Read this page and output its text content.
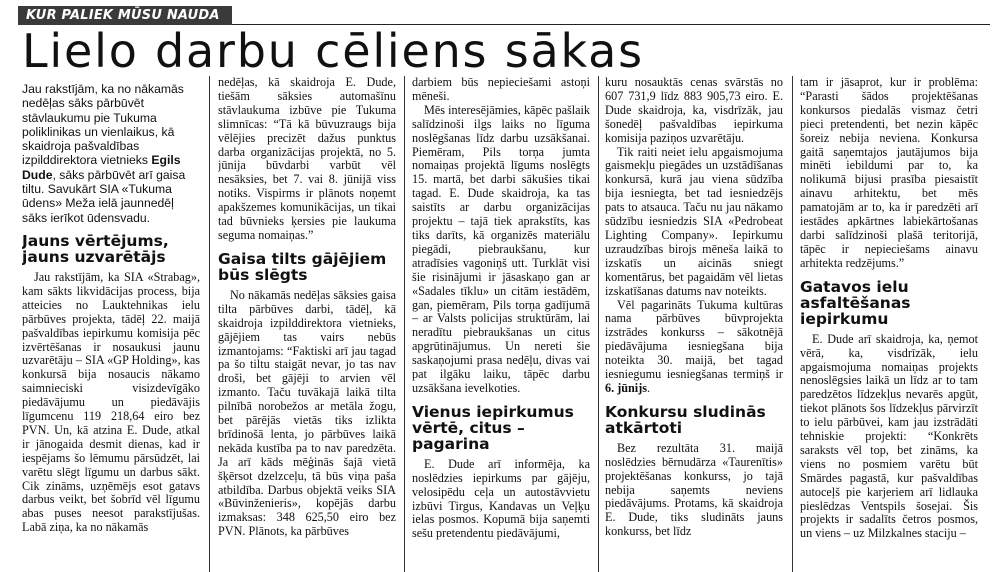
KUR PALIEK MŪSU NAUDA
Lielo darbu cēliens sākas

Jau rakstījām, ka no nākamās nedēļas sāks pārbūvēt stāvlaukumu pie Tukuma poliklinikas un vienlaikus, kā skaidroja pašvaldības izpilddirektora vietnieks Egils Dude, sāks pārbūvēt arī gaisa tiltu. Savukārt SIA «Tukuma ūdens» Meža ielā jaunnedēļ sāks ierīkot ūdensvadu.

Jauns vērtējums, jauns uzvarētājs

Jau rakstījām, ka SIA «Strabag», kam sākts likvidācijas process, bija atteicies no Lauktehnikas ielu pārbūves projekta, tādēļ 22. maijā pašvaldības iepirkumu komisija pēc izvērtēšanas ir nosaukusi jaunu uzvarētāju – SIA «GP Holding», kas konkursā bija nosaucis nākamo saimnieciski visizdevīgāko piedāvājumu un piedāvājis līgumcenu 119 218,64 eiro bez PVN. Un, kā atzina E. Dude, atkal ir jānogaida desmit dienas, kad ir iespējams šo lēmumu pārsūdzēt, lai varētu slēgt līgumu un darbus sākt. Cik zināms, uzņēmējs esot gatavs darbus veikt, bet šobrīd vēl līgumu abas puses neesot parakstījušas. Labā ziņa, ka no nākamās

nedēļas, kā skaidroja E. Dude, tiešām sāksies automašīnu stāvlaukuma izbūve pie Tukuma slimnīcas: “Tā kā būvuzraugs bija vēlējies precizēt dažus punktus darba organizācijas projektā, no 5. jūnija būvdarbi varbūt vēl nesāksies, bet 7. vai 8. jūnijā viss notiks. Vispirms ir plānots noņemt apakšzemes komunikācijas, un tikai tad būvnieks ķersies pie laukuma seguma nomaiņas.”

Gaisa tilts gājējiem būs slēgts

No nākamās nedēļas sāksies gaisa tilta pārbūves darbi, tādēļ, kā skaidroja izpilddirektora vietnieks, gājējiem tas vairs nebūs izmantojams: “Faktiski arī jau tagad pa šo tiltu staigāt nevar, jo tas nav droši, bet gājēji to arvien vēl izmanto. Taču tuvākajā laikā tilta pilnībā norobežos ar metāla žogu, bet pārējās vietās tiks izlikta brīdinošā lenta, jo pārbūves laikā nekāda kustība pa to nav paredzēta. Ja arī kāds mēģinās šajā vietā šķērsot dzelzceļu, tā būs viņa paša atbildība. Darbus objektā veiks SIA «Būvinženieris», kopējās darbu izmaksas: 348 625,50 eiro bez PVN. Plānots, ka pārbūves

darbiem būs nepieciešami astoņi mēneši.

Mēs interesējāmies, kāpēc pašlaik salīdzinoši ilgs laiks no līguma noslēgšanas līdz darbu uzsākšanai. Piemēram, Pils torņa jumta nomaiņas projektā līgums noslēgts 15. martā, bet darbi sākušies tikai tagad. E. Dude skaidroja, ka tas saistīts ar darbu organizācijas projektu – tajā tiek aprakstīts, kas tiks darīts, kā organizēs materiālu piegādi, piebraukšanu, kur atradīsies vagoniņš utt. Turklāt visi šie risinājumi ir jāsaskaņo gan ar «Sadales tīklu» un citām iestādēm, gan, piemēram, Pils torņa gadījumā – ar Valsts policijas struktūrām, lai neradītu piebraukšanas un citus apgrūtinājumus. Un nereti šie saskaņojumi prasa nedēļu, divas vai pat ilgāku laiku, tāpēc darbu uzsākšana ievelkoties.

Vienus iepirkumus vērtē, citus – pagarina

E. Dude arī informēja, ka noslēdzies iepirkums par gājēju, velosipēdu ceļa un autostāvvietu izbūvi Tirgus, Kandavas un Veļķu ielas posmos. Kopumā bija saņemti sešu pretendentu piedāvājumi,

kuru nosauktās cenas svārstās no 607 731,9 līdz 883 905,73 eiro. E. Dude skaidroja, ka, visdrīzāk, jau šonedēļ pašvaldības iepirkuma komisija paziņos uzvarētāju.

Tik raiti neiet ielu apgaismojuma gaismekļu piegādes un uzstādīšanas konkursā, kurā jau viena sūdzība bija iesniegta, bet tad iesniedzējs pats to atsauca. Taču nu jau nākamo sūdzību iesniedzis SIA «Pedrobeat Lighting Company». Iepirkumu uzraudzības birojs mēneša laikā to izskatīs un aicinās sniegt komentārus, bet pagaidām vēl lietas izskatīšanas datums nav noteikts.

Vēl pagarināts Tukuma kultūras nama pārbūves būvprojekta izstrādes konkurss – sākotnējā piedāvājuma iesniegšana bija noteikta 30. maijā, bet tagad iesniegumu iesniegšanas termiņš ir 6. jūnijs.

Konkursu sludinās atkārtoti

Bez rezultāta 31. maijā noslēdzies bērnudārza «Taurenītis» projektēšanas konkurss, jo tajā nebija saņemts neviens piedāvājums. Protams, kā skaidroja E. Dude, tiks sludināts jauns konkurss, bet līdz

tam ir jāsaprot, kur ir problēma: “Parasti šādos projektēšanas konkursos piedalās vismaz četri pieci pretendenti, bet nezin kāpēc šoreiz nebija neviena. Konkursa gaitā saņemtajos jautājumos bija minēti iebildumi par to, ka nolikumā bijusi prasība piesaistīt ainavu arhitektu, bet mēs pamatojām ar to, ka ir paredzēti arī iestādes apkārtnes labiekārtošanas darbi salīdzinoši plašā teritorijā, tāpēc ir nepieciešams ainavu arhitekta redzējums.”

Gatavos ielu asfaltēšanas iepirkumu

E. Dude arī skaidroja, ka, ņemot vērā, ka, visdrīzāk, ielu apgaismojuma nomaiņas projekts nenoslēgsies laikā un līdz ar to tam paredzētos līdzekļus nevarēs apgūt, tiekot plānots šos līdzekļus pārvirzīt to ielu pārbūvei, kam jau izstrādāti tehniskie projekti: “Konkrēts saraksts vēl top, bet zināms, ka viens no posmiem varētu būt Smārdes pagastā, kur pašvaldības autoceļš pie karjeriem arī lidlauka pieslēdzas Ventspils šosejai. Šis projekts ir sadalīts četros posmos, un viens – uz Milzkalnes staciju –
